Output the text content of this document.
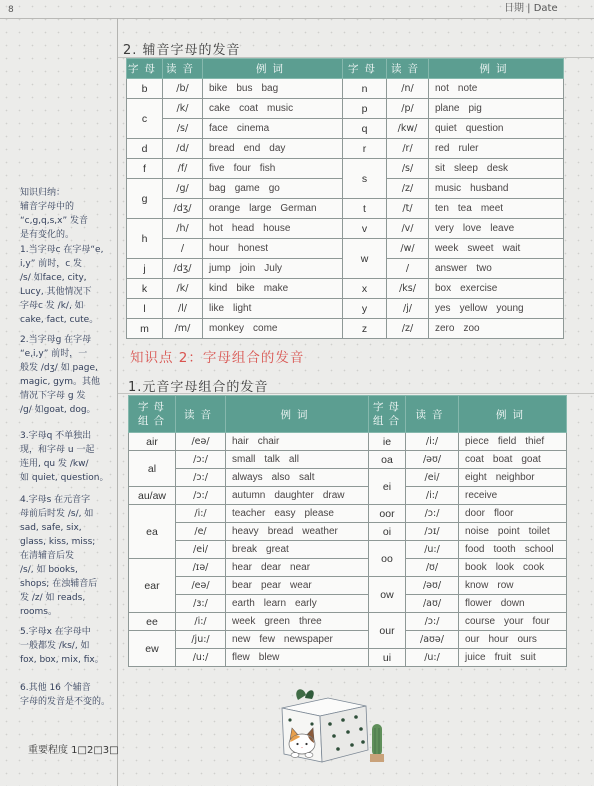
8	日期 | Date
知识归纳：
辅音字母中的
“c,g,q,s,x” 发音
是有变化的。
1.当字母c 在字母“e,
i,y” 前时，c 发
/s/ 如face, city,
Lucy, 其他情况下
字母c 发 /k/, 如
cake, fact, cute。
2.当字母g 在字母
“e,i,y” 前时，一
般发 /dʒ/ 如 page,
magic, gym。其他
情况下字母 g 发
/g/ 如goat, dog。
3.字母q 不单独出
现，和字母 u 一起
连用, qu 发 /kw/
如 quiet, question。
4.字母s 在元音字
母前后时发 /s/, 如
sad, safe, six,
glass, kiss, miss;
在清辅音后发
/s/, 如 books,
shops; 在浊辅音后
发 /z/ 如 reads,
rooms。
5.字母x 在字母中
一般都发 /ks/, 如
fox, box, mix, fix。
6.其他 16 个辅音
字母的发音是不变的。
2. 辅音字母的发音
字母	读音	例词	字母	读音	例词
b	/b/	bike bus bag	n	/n/	not note
c	/k/	cake coat music	p	/p/	plane pig
	/s/	face cinema	q	/kw/	quiet question
d	/d/	bread end day	r	/r/	red ruler
f	/f/	five four fish	s	/s/	sit sleep desk
g	/g/	bag game go		/z/	music husband
	/dʒ/	orange large German	t	/t/	ten tea meet
h	/h/	hot head house	v	/v/	very love leave
	/	hour honest	w	/w/	week sweet wait
j	/dʒ/	jump join July		/	answer two
k	/k/	kind bike make	x	/ks/	box exercise
l	/l/	like light	y	/j/	yes yellow young
m	/m/	monkey come	z	/z/	zero zoo
知识点 2：字母组合的发音
1.元音字母组合的发音
字母组合	读音	例词	字母组合	读音	例词
air	/eə/	hair chair	ie	/i:/	piece field thief
al	/ɔ:/	small talk all	oa	/əʊ/	coat boat goat
	/ɔ:/	always also salt	ei	/ei/	eight neighbor
au/aw	/ɔ:/	autumn daughter draw		/i:/	receive
ea	/i:/	teacher easy please	oor	/ɔ:/	door floor
	/e/	heavy bread weather	oi	/ɔɪ/	noise point toilet
	/ei/	break great	oo	/u:/	food tooth school
ear	/ɪə/	hear dear near		/ʊ/	book look cook
	/eə/	bear pear wear	ow	/əʊ/	know row
	/ɜ:/	earth learn early		/aʊ/	flower down
ee	/i:/	week green three	our	/ɔ:/	course your four
ew	/ju:/	new few newspaper		/aʊə/	our hour ours
	/u:/	flew blew	ui	/u:/	juice fruit suit
重要程度 1□2□3□
